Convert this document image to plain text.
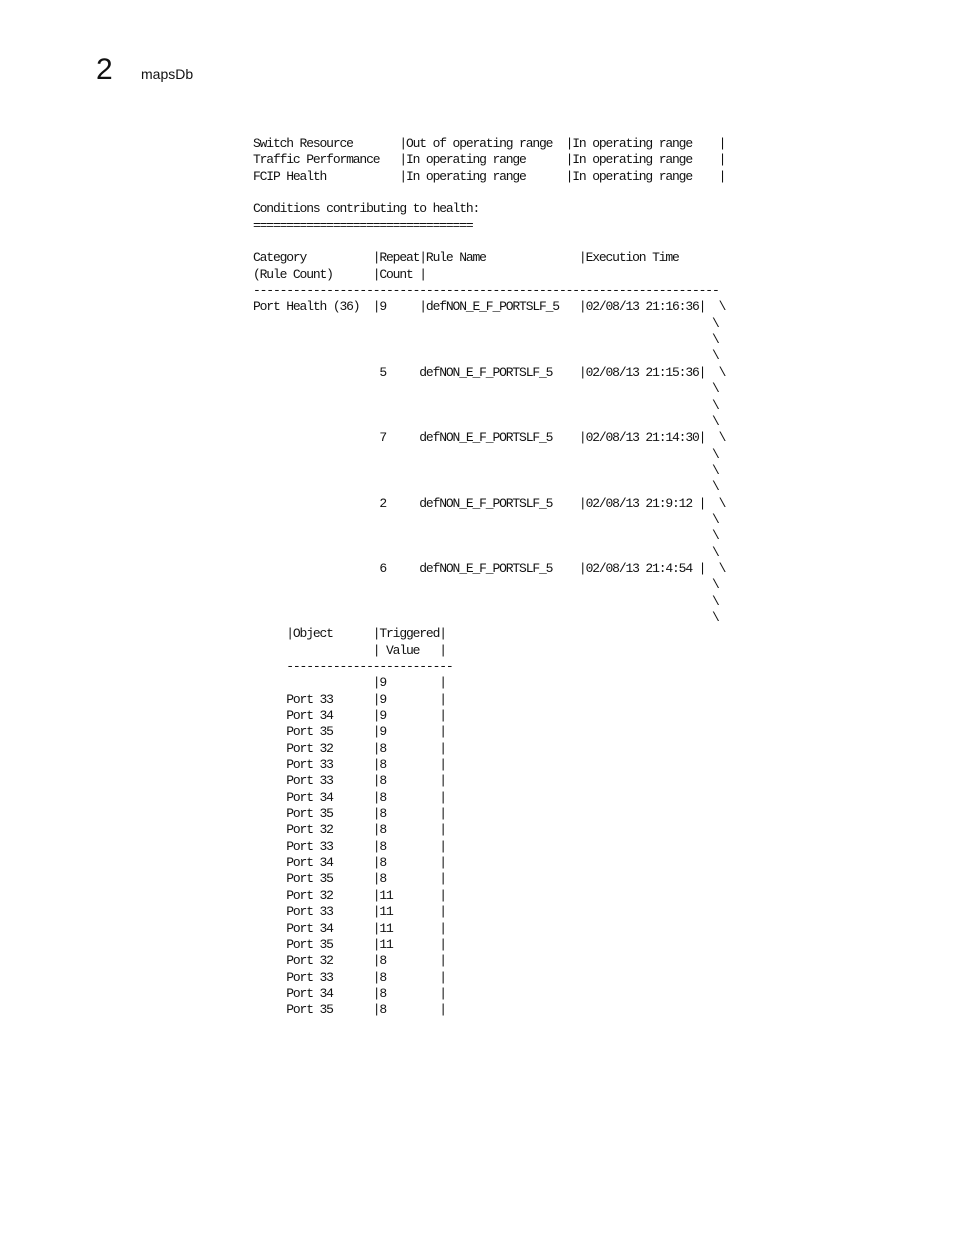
2 mapsDb
Switch Resource       |Out of operating range  |In operating range    |
Traffic Performance   |In operating range      |In operating range    |
FCIP Health           |In operating range      |In operating range    |

Conditions contributing to health:
=================================

Category          |Repeat|Rule Name              |Execution Time
(Rule Count)      |Count |
----------------------------------------------------------------------
Port Health (36)  |9     |defNON_E_F_PORTSLF_5   |02/08/13 21:16:36|  \
\
\
\
5     defNON_E_F_PORTSLF_5    |02/08/13 21:15:36|  \
\
\
\
7     defNON_E_F_PORTSLF_5    |02/08/13 21:14:30|  \
\
\
\
2     defNON_E_F_PORTSLF_5    |02/08/13 21:9:12 |  \
\
\
\
6     defNON_E_F_PORTSLF_5    |02/08/13 21:4:54 |  \
\
\
\
|Object      |Triggered|
| Value   |
-------------------------
|9        |
Port 33      |9        |
Port 34      |9        |
Port 35      |9        |
Port 32      |8        |
Port 33      |8        |
Port 33      |8        |
Port 34      |8        |
Port 35      |8        |
Port 32      |8        |
Port 33      |8        |
Port 34      |8        |
Port 35      |8        |
Port 32      |11       |
Port 33      |11       |
Port 34      |11       |
Port 35      |11       |
Port 32      |8        |
Port 33      |8        |
Port 34      |8        |
Port 35      |8        |
